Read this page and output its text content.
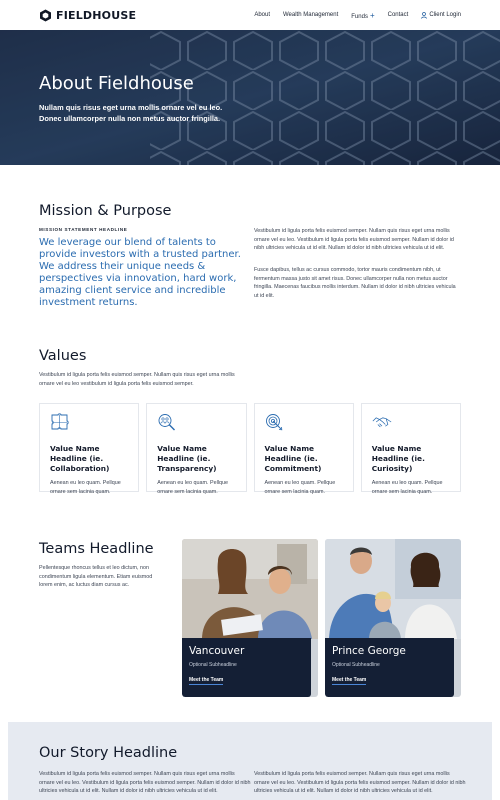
FIELDHOUSE	About Wealth Management Funds + Contact	Client Login
About Fieldhouse
Nullam quis risus eget urna mollis ornare vel eu leo. Donec ullamcorper nulla non metus auctor fringilla.
Mission & Purpose
MISSION STATEMENT HEADLINE
We leverage our blend of talents to provide investors with a trusted partner. We address their unique needs & perspectives via innovation, hard work, amazing client service and incredible investment returns.
Vestibulum id ligula porta felis euismod semper. Nullam quis risus eget urna mollis ornare vel eu leo. Vestibulum id ligula porta felis euismod semper. Nullam id dolor id nibh ultricies vehicula ut id elit. Nullam id dolor id nibh ultricies vehicula ut id elit.
Fusce dapibus, tellus ac cursus commodo, tortor mauris condimentum nibh, ut fermentum massa justo sit amet risus. Donec ullamcorper nulla non metus auctor fringilla. Maecenas faucibus mollis interdum. Nullam id dolor id nibh ultricies vehicula ut id elit.
Values
Vestibulum id ligula porta felis euismod semper. Nullam quis risus eget urna mollis ornare vel eu leo vestibulum id ligula porta felis euismod semper.
Value Name Headline (ie. Collaboration)
Aenean eu leo quam. Pellque ornare sem lacinia quam.
Value Name Headline (ie. Transparency)
Aenean eu leo quam. Pellque ornare sem lacinia quam.
Value Name Headline (ie. Commitment)
Aenean eu leo quam. Pellque ornare sem lacinia quam.
Value Name Headline (ie. Curiosity)
Aenean eu leo quam. Pellque ornare sem lacinia quam.
Teams Headline
Pellentesque rhoncus tellus et leo dictum, non condimentum ligula elementum. Etiam euismod lorem enim, ac luctus diam cursus ac.
Vancouver
Optional Subheadline
Meet the Team
Prince George
Optional Subheadline
Meet the Team
Our Story Headline
Vestibulum id ligula porta felis euismod semper. Nullam quis risus eget urna mollis ornare vel eu leo. Vestibulum id ligula porta felis euismod semper. Nullam id dolor id nibh ultricies vehicula ut id elit. Nullam id dolor id nibh ultricies vehicula ut id elit.
Vestibulum id ligula porta felis euismod semper. Nullam quis risus eget urna mollis ornare vel eu leo. Vestibulum id ligula porta felis euismod semper. Nullam id dolor id nibh ultricies vehicula ut id elit. Nullam id dolor id nibh ultricies vehicula ut id elit.
